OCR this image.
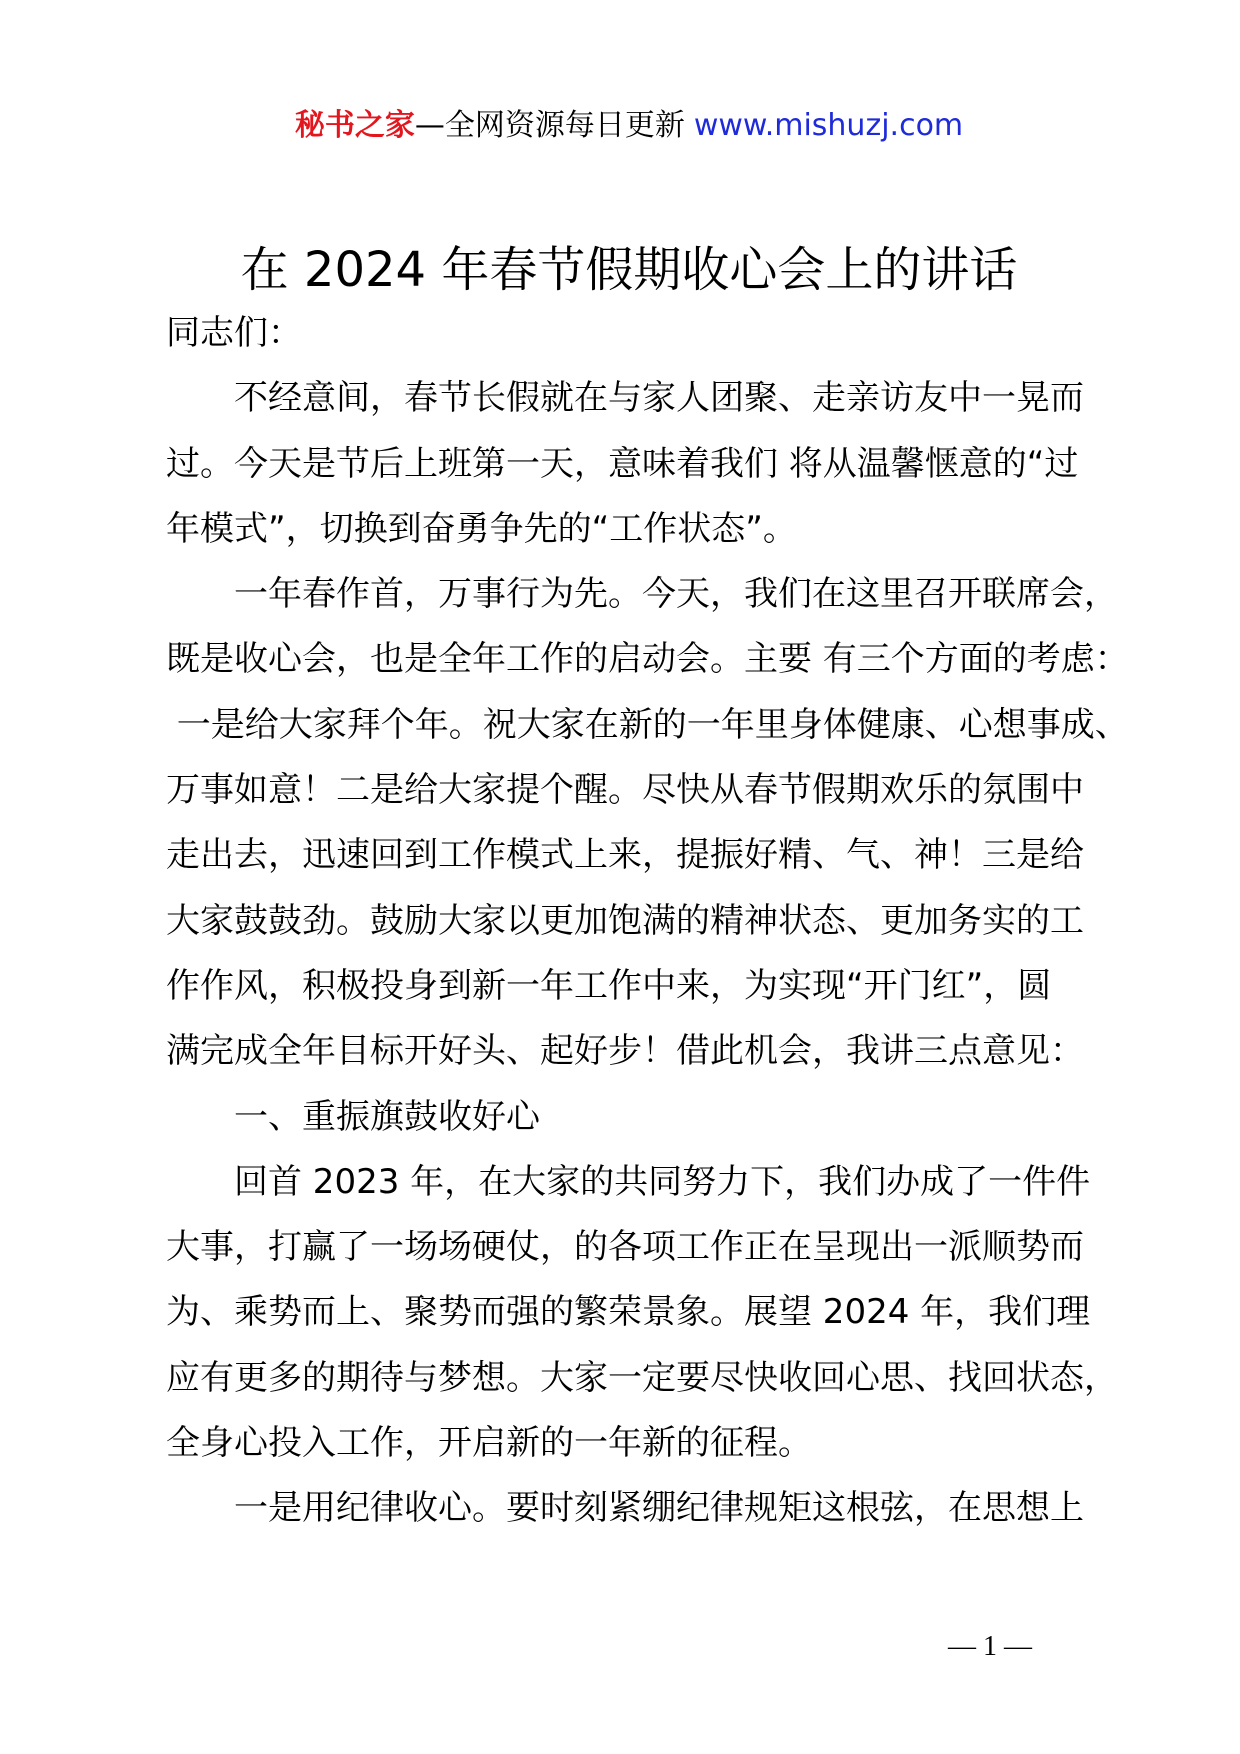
秘书之家—全网资源每日更新 www.mishuzj.com
在 2024 年春节假期收心会上的讲话
同志们：
不经意间，春节长假就在与家人团聚、走亲访友中一晃而
过。今天是节后上班第一天，意味着我们 将从温馨惬意的“过
年模式”，切换到奋勇争先的“工作状态”。
一年春作首，万事行为先。今天，我们在这里召开联席会，
既是收心会，也是全年工作的启动会。主要 有三个方面的考虑：
一是给大家拜个年。祝大家在新的一年里身体健康、心想事成、
万事如意！二是给大家提个醒。尽快从春节假期欢乐的氛围中
走出去，迅速回到工作模式上来，提振好精、气、神！三是给
大家鼓鼓劲。鼓励大家以更加饱满的精神状态、更加务实的工
作作风，积极投身到新一年工作中来，为实现“开门红”，圆
满完成全年目标开好头、起好步！借此机会，我讲三点意见：
一、重振旗鼓收好心
回首 2023 年，在大家的共同努力下，我们办成了一件件
大事，打赢了一场场硬仗，的各项工作正在呈现出一派顺势而
为、乘势而上、聚势而强的繁荣景象。展望 2024 年，我们理
应有更多的期待与梦想。大家一定要尽快收回心思、找回状态，
全身心投入工作，开启新的一年新的征程。
一是用纪律收心。要时刻紧绷纪律规矩这根弦，在思想上
— 1 —
